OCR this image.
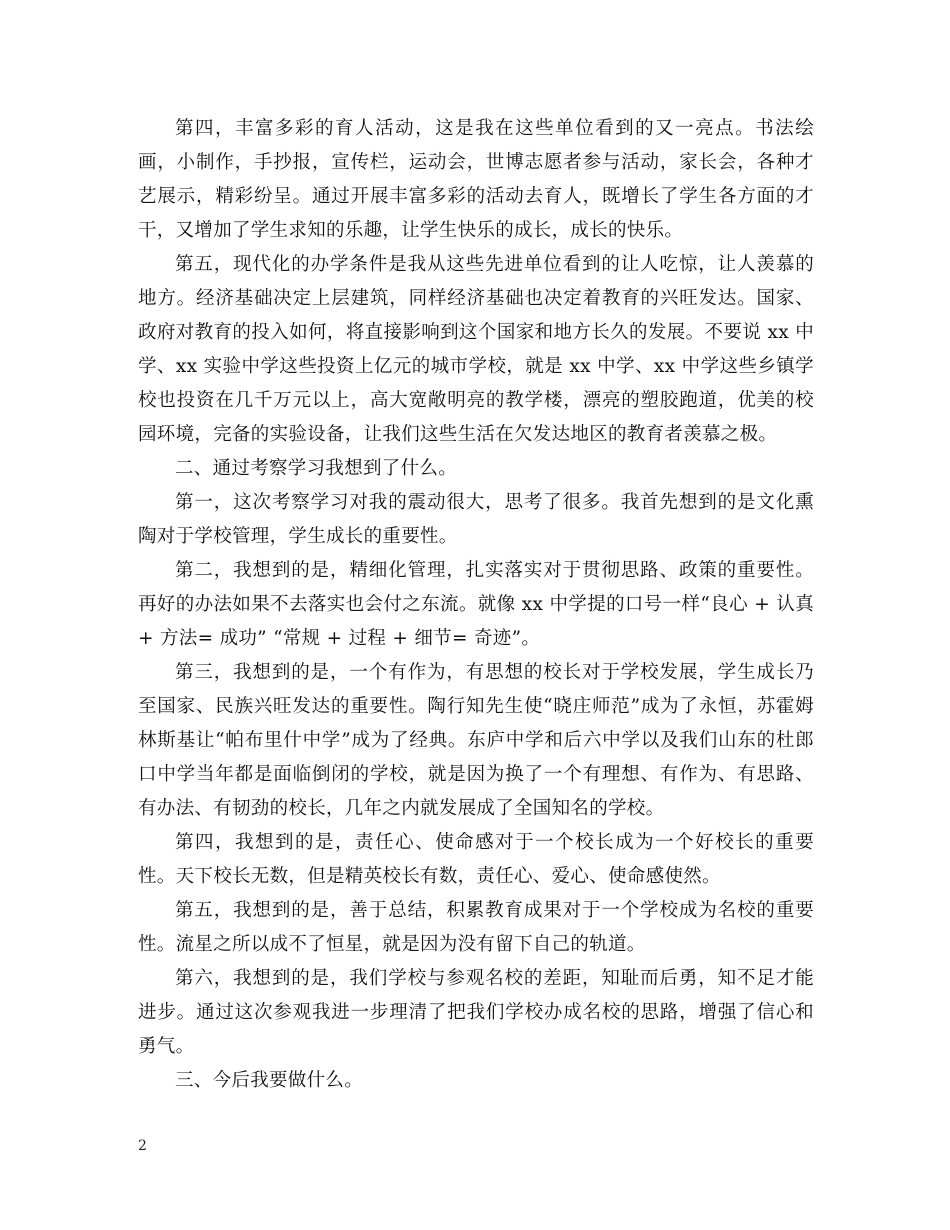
第四，丰富多彩的育人活动，这是我在这些单位看到的又一亮点。书法绘画，小制作，手抄报，宣传栏，运动会，世博志愿者参与活动，家长会，各种才艺展示，精彩纷呈。通过开展丰富多彩的活动去育人，既增长了学生各方面的才干，又增加了学生求知的乐趣，让学生快乐的成长，成长的快乐。

第五，现代化的办学条件是我从这些先进单位看到的让人吃惊，让人羡慕的地方。经济基础决定上层建筑，同样经济基础也决定着教育的兴旺发达。国家、政府对教育的投入如何，将直接影响到这个国家和地方长久的发展。不要说 xx 中学、xx 实验中学这些投资上亿元的城市学校，就是 xx 中学、xx 中学这些乡镇学校也投资在几千万元以上，高大宽敞明亮的教学楼，漂亮的塑胶跑道，优美的校园环境，完备的实验设备，让我们这些生活在欠发达地区的教育者羡慕之极。

二、通过考察学习我想到了什么。

第一，这次考察学习对我的震动很大，思考了很多。我首先想到的是文化熏陶对于学校管理，学生成长的重要性。

第二，我想到的是，精细化管理，扎实落实对于贯彻思路、政策的重要性。再好的办法如果不去落实也会付之东流。就像 xx 中学提的口号一样“良心 + 认真 + 方法= 成功” “常规 + 过程 + 细节= 奇迹”。

第三，我想到的是，一个有作为，有思想的校长对于学校发展，学生成长乃至国家、民族兴旺发达的重要性。陶行知先生使“晓庄师范”成为了永恒，苏霍姆林斯基让“帕布里什中学”成为了经典。东庐中学和后六中学以及我们山东的杜郎口中学当年都是面临倒闭的学校，就是因为换了一个有理想、有作为、有思路、有办法、有韧劲的校长，几年之内就发展成了全国知名的学校。

第四，我想到的是，责任心、使命感对于一个校长成为一个好校长的重要性。天下校长无数，但是精英校长有数，责任心、爱心、使命感使然。

第五，我想到的是，善于总结，积累教育成果对于一个学校成为名校的重要性。流星之所以成不了恒星，就是因为没有留下自己的轨道。

第六，我想到的是，我们学校与参观名校的差距，知耻而后勇，知不足才能进步。通过这次参观我进一步理清了把我们学校办成名校的思路，增强了信心和勇气。

三、今后我要做什么。

2
